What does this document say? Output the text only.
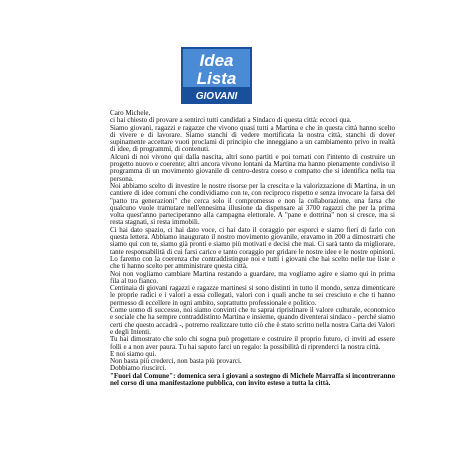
Idea
Lista
GIOVANI

Caro Michele,

ci hai chiesto di provare a sentirci tutti candidati a Sindaco di questa città: eccoci qua.

Siamo giovani, ragazzi e ragazze che vivono quasi tutti a Martina e che in questa città hanno scelto di vivere e di lavorare. Siamo stanchi di vedere mortificata la nostra città, stanchi di dover supinamente accettare vuoti proclami di principio che inneggiano a un cambiamento privo in realtà di idee, di programmi, di contenuti.

Alcuni di noi vivono qui dalla nascita, altri sono partiti e poi tornati con l'intento di costruire un progetto nuovo e coerente; altri ancora vivono lontani da Martina ma hanno pienamente condiviso il programma di un movimento giovanile di centro-destra coeso e compatto che si identifica nella tua persona.

Noi abbiamo scelto di investire le nostre risorse per la crescita e la valorizzazione di Martina, in un cantiere di idee comuni che condividiamo con te, con reciproco rispetto e senza invocare la farsa del "patto tra generazioni" che cerca solo il compromesso e non la collaborazione, una farsa che qualcuno vuole tramutare nell'ennesima illusione da dispensare ai 3700 ragazzi che per la prima volta quest'anno parteciperanno alla campagna elettorale. A "pane e dottrina" non si cresce, ma si resta stagnati, si resta immobili.

Ci hai dato spazio, ci hai dato voce, ci hai dato il coraggio per esporci e siamo fieri di farlo con questa lettera. Abbiamo inaugurato il nostro movimento giovanile, eravamo in 200 a dimostrarti che siamo qui con te, siamo già pronti e siamo più motivati e decisi che mai. Ci sarà tanto da migliorare, tante responsabilità di cui farsi carico e tanto coraggio per gridare le nostre idee e le nostre opinioni. Lo faremo con la coerenza che contraddistingue noi e tutti i giovani che hai scelto nelle tue liste e che ti hanno scelto per amministrare questa città.

Noi non vogliamo cambiare Martina restando a guardare, ma vogliamo agire e siamo qui in prima fila al tuo fianco.

Centinaia di giovani ragazzi e ragazze martinesi si sono distinti in tutto il mondo, senza dimenticare le proprie radici e i valori a essa collegati, valori con i quali anche tu sei cresciuto e che ti hanno permesso di eccellere in ogni ambito, soprattutto professionale e politico.

Come uomo di successo, noi siamo convinti che tu saprai ripristinare il valore culturale, economico e sociale che ha sempre contraddistinto Martina e insieme, quando diventerai sindaco - perché siamo certi che questo accadrà -, potremo realizzare tutto ciò che è stato scritto nella nostra Carta dei Valori e degli Intenti.

Tu hai dimostrato che solo chi sogna può progettare e costruire il proprio futuro, ci inviti ad essere folli e a non aver paura. Tu hai saputo farci un regalo: la possibilità di riprenderci la nostra città.

E noi siamo qui.

Non basta più crederci, non basta più provarci.

Dobbiamo riuscirci.

"Fuori dal Comune": domenica sera i giovani a sostegno di Michele Marraffa si incontreranno nel corso di una manifestazione pubblica, con invito esteso a tutta la città.
